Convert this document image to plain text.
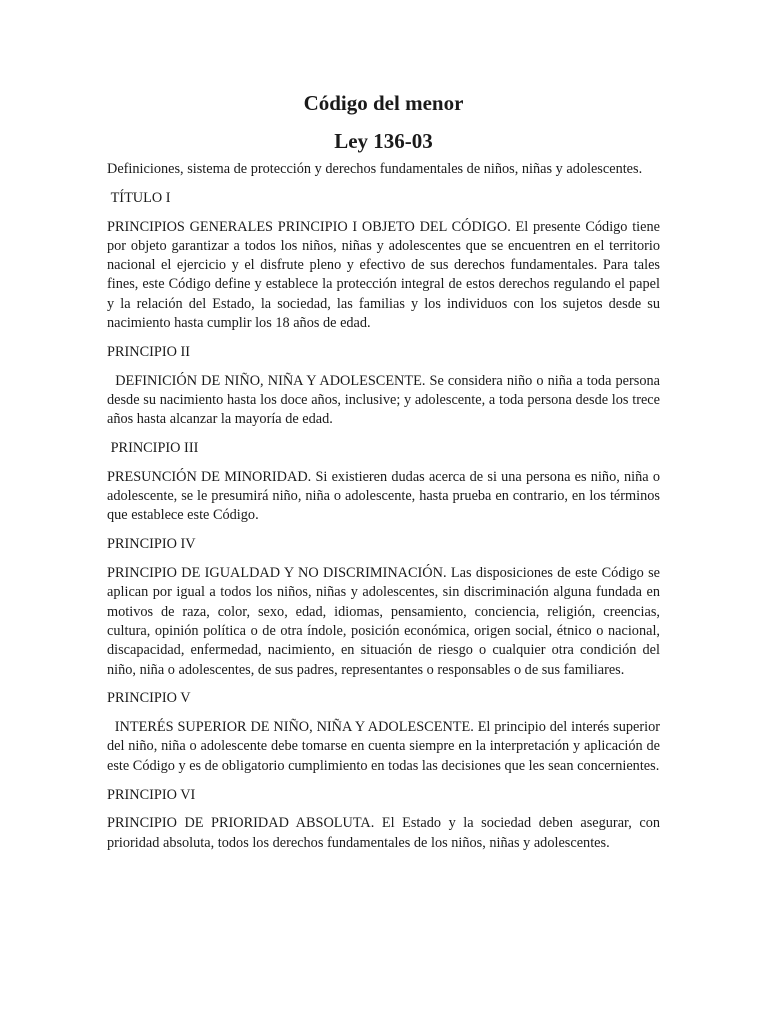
Código del menor
Ley 136-03

Definiciones, sistema de protección y derechos fundamentales de niños, niñas y adolescentes.

TÍTULO I

PRINCIPIOS GENERALES PRINCIPIO I OBJETO DEL CÓDIGO. El presente Código tiene por objeto garantizar a todos los niños, niñas y adolescentes que se encuentren en el territorio nacional el ejercicio y el disfrute pleno y efectivo de sus derechos fundamentales. Para tales fines, este Código define y establece la protección integral de estos derechos regulando el papel y la relación del Estado, la sociedad, las familias y los individuos con los sujetos desde su nacimiento hasta cumplir los 18 años de edad.

PRINCIPIO II

DEFINICIÓN DE NIÑO, NIÑA Y ADOLESCENTE. Se considera niño o niña a toda persona desde su nacimiento hasta los doce años, inclusive; y adolescente, a toda persona desde los trece años hasta alcanzar la mayoría de edad.

PRINCIPIO III

PRESUNCIÓN DE MINORIDAD. Si existieren dudas acerca de si una persona es niño, niña o adolescente, se le presumirá niño, niña o adolescente, hasta prueba en contrario, en los términos que establece este Código.

PRINCIPIO IV

PRINCIPIO DE IGUALDAD Y NO DISCRIMINACIÓN. Las disposiciones de este Código se aplican por igual a todos los niños, niñas y adolescentes, sin discriminación alguna fundada en motivos de raza, color, sexo, edad, idiomas, pensamiento, conciencia, religión, creencias, cultura, opinión política o de otra índole, posición económica, origen social, étnico o nacional, discapacidad, enfermedad, nacimiento, en situación de riesgo o cualquier otra condición del niño, niña o adolescentes, de sus padres, representantes o responsables o de sus familiares.

PRINCIPIO V

INTERÉS SUPERIOR DE NIÑO, NIÑA Y ADOLESCENTE. El principio del interés superior del niño, niña o adolescente debe tomarse en cuenta siempre en la interpretación y aplicación de este Código y es de obligatorio cumplimiento en todas las decisiones que les sean concernientes.

PRINCIPIO VI

PRINCIPIO DE PRIORIDAD ABSOLUTA. El Estado y la sociedad deben asegurar, con prioridad absoluta, todos los derechos fundamentales de los niños, niñas y adolescentes.
